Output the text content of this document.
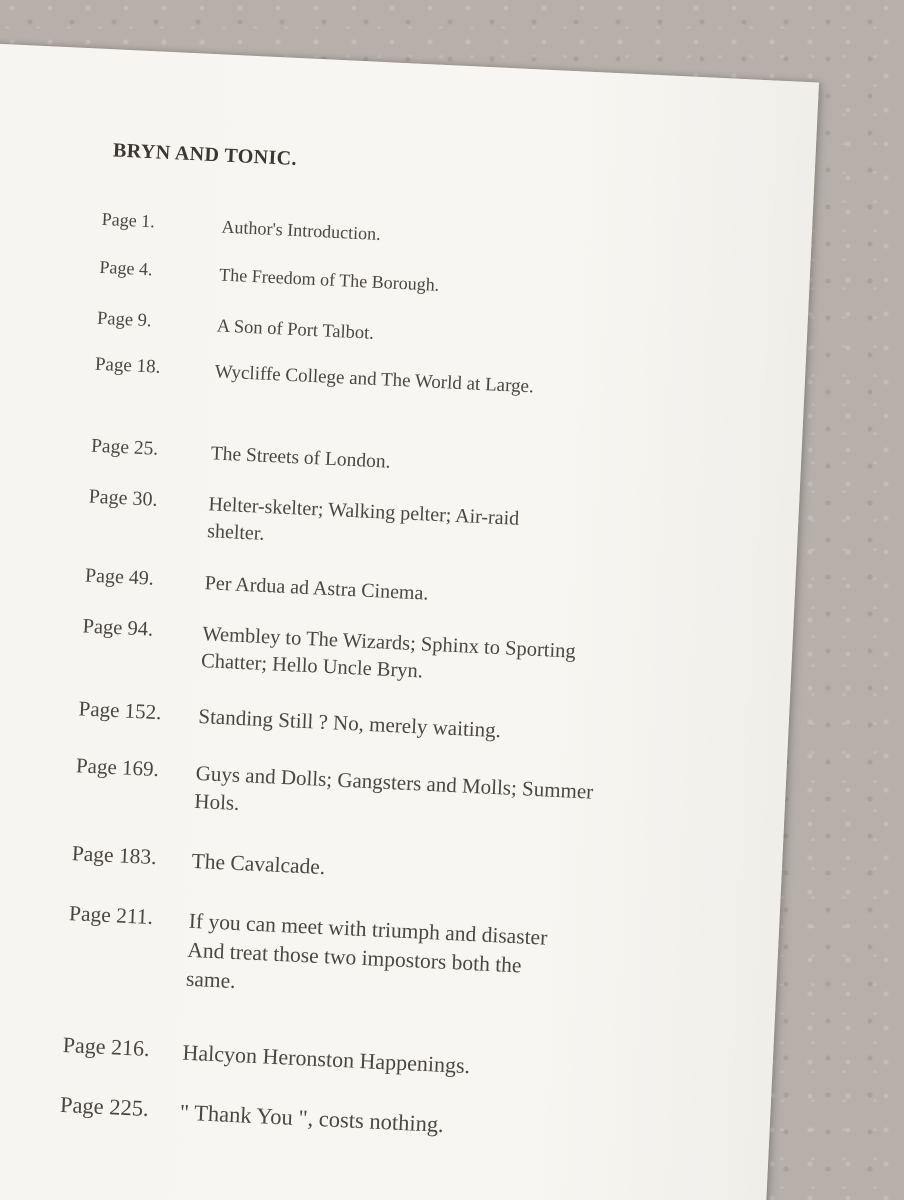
BRYN AND TONIC.
Page 1.	Author's Introduction.
Page 4.	The Freedom of The Borough.
Page 9.	A Son of Port Talbot.
Page 18.	Wycliffe College and The World at Large.
Page 25.	The Streets of London.
Page 30. Helter-skelter; Walking pelter; Air-raid shelter.
Page 49. Per Ardua ad Astra Cinema.
Page 94. Wembley to The Wizards; Sphinx to Sporting Chatter; Hello Uncle Bryn.
Page 152. Standing Still ? No, merely waiting.
Page 169. Guys and Dolls; Gangsters and Molls; Summer Hols.
Page 183. The Cavalcade.
Page 211. If you can meet with triumph and disaster And treat those two impostors both the same.
Page 216. Halcyon Heronston Happenings.
Page 225. " Thank You ", costs nothing.
